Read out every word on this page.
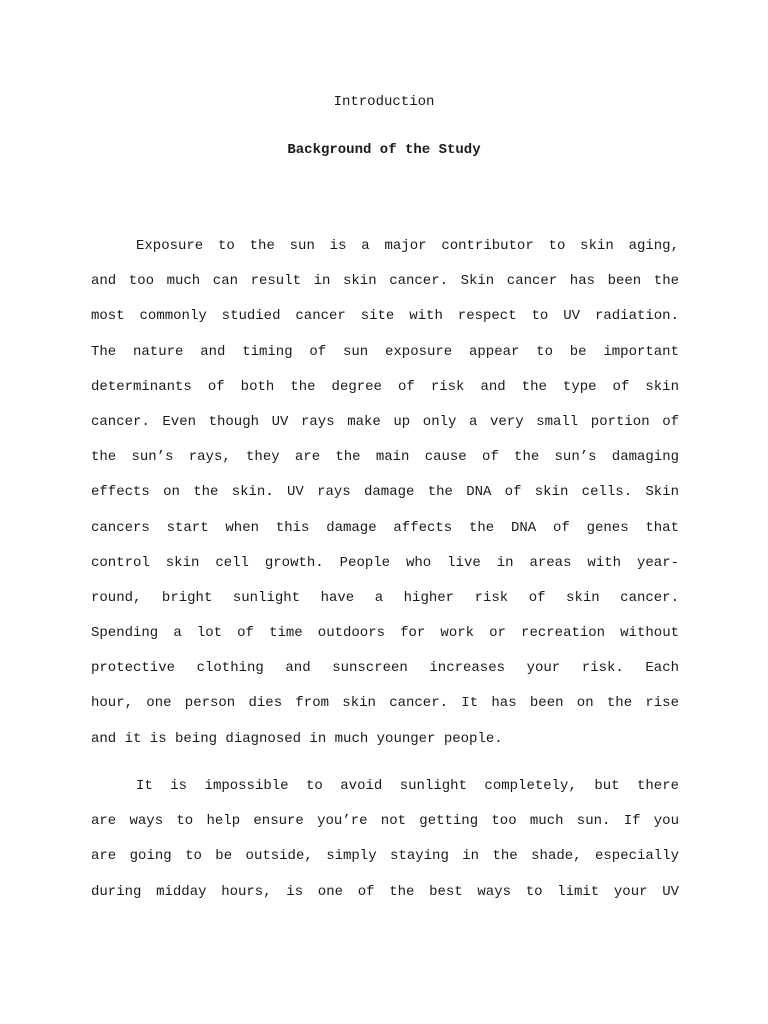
Introduction
Background of the Study

Exposure to the sun is a major contributor to skin aging,
and too much can result in skin cancer. Skin cancer has been the
most commonly studied cancer site with respect to UV radiation.
The nature and timing of sun exposure appear to be important
determinants of both the degree of risk and the type of skin
cancer. Even though UV rays make up only a very small portion of
the sun’s rays, they are the main cause of the sun’s damaging
effects on the skin. UV rays damage the DNA of skin cells. Skin
cancers start when this damage affects the DNA of genes that
control skin cell growth. People who live in areas with year-
round, bright sunlight have a higher risk of skin cancer.
Spending a lot of time outdoors for work or recreation without
protective clothing and sunscreen increases your risk. Each
hour, one person dies from skin cancer. It has been on the rise
and it is being diagnosed in much younger people.

It is impossible to avoid sunlight completely, but there
are ways to help ensure you’re not getting too much sun. If you
are going to be outside, simply staying in the shade, especially
during midday hours, is one of the best ways to limit your UV
